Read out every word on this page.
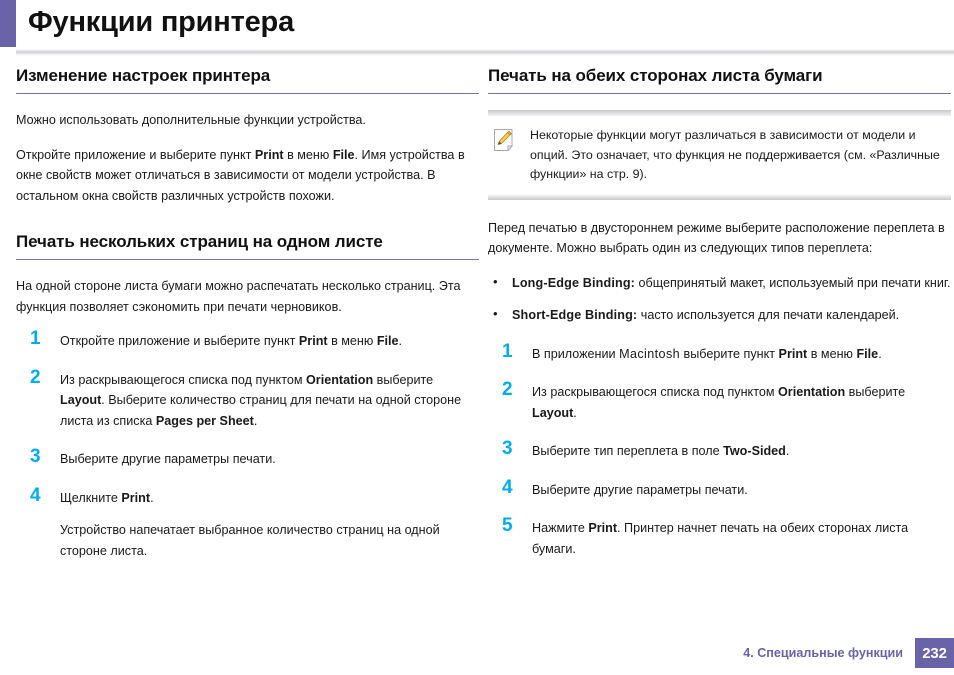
Функции принтера
Изменение настроек принтера

Можно использовать дополнительные функции устройства.

Откройте приложение и выберите пункт Print в меню File. Имя устройства в окне свойств может отличаться в зависимости от модели устройства. В остальном окна свойств различных устройств похожи.

Печать нескольких страниц на одном листе

На одной стороне листа бумаги можно распечатать несколько страниц. Эта функция позволяет сэкономить при печати черновиков.

1 Откройте приложение и выберите пункт Print в меню File.
2 Из раскрывающегося списка под пунктом Orientation выберите Layout. Выберите количество страниц для печати на одной стороне листа из списка Pages per Sheet.
3 Выберите другие параметры печати.
4 Щелкните Print.
Устройство напечатает выбранное количество страниц на одной стороне листа.
Печать на обеих сторонах листа бумаги
Некоторые функции могут различаться в зависимости от модели и опций. Это означает, что функция не поддерживается (см. «Различные функции» на стр. 9).

Перед печатью в двустороннем режиме выберите расположение переплета в документе. Можно выбрать один из следующих типов переплета:

• Long-Edge Binding: общепринятый макет, используемый при печати книг.
• Short-Edge Binding: часто используется для печати календарей.
1 В приложении Macintosh выберите пункт Print в меню File.
2 Из раскрывающегося списка под пунктом Orientation выберите Layout.
3 Выберите тип переплета в поле Two-Sided.
4 Выберите другие параметры печати.
5 Нажмите Print. Принтер начнет печать на обеих сторонах листа бумаги.
4. Специальные функции	232
